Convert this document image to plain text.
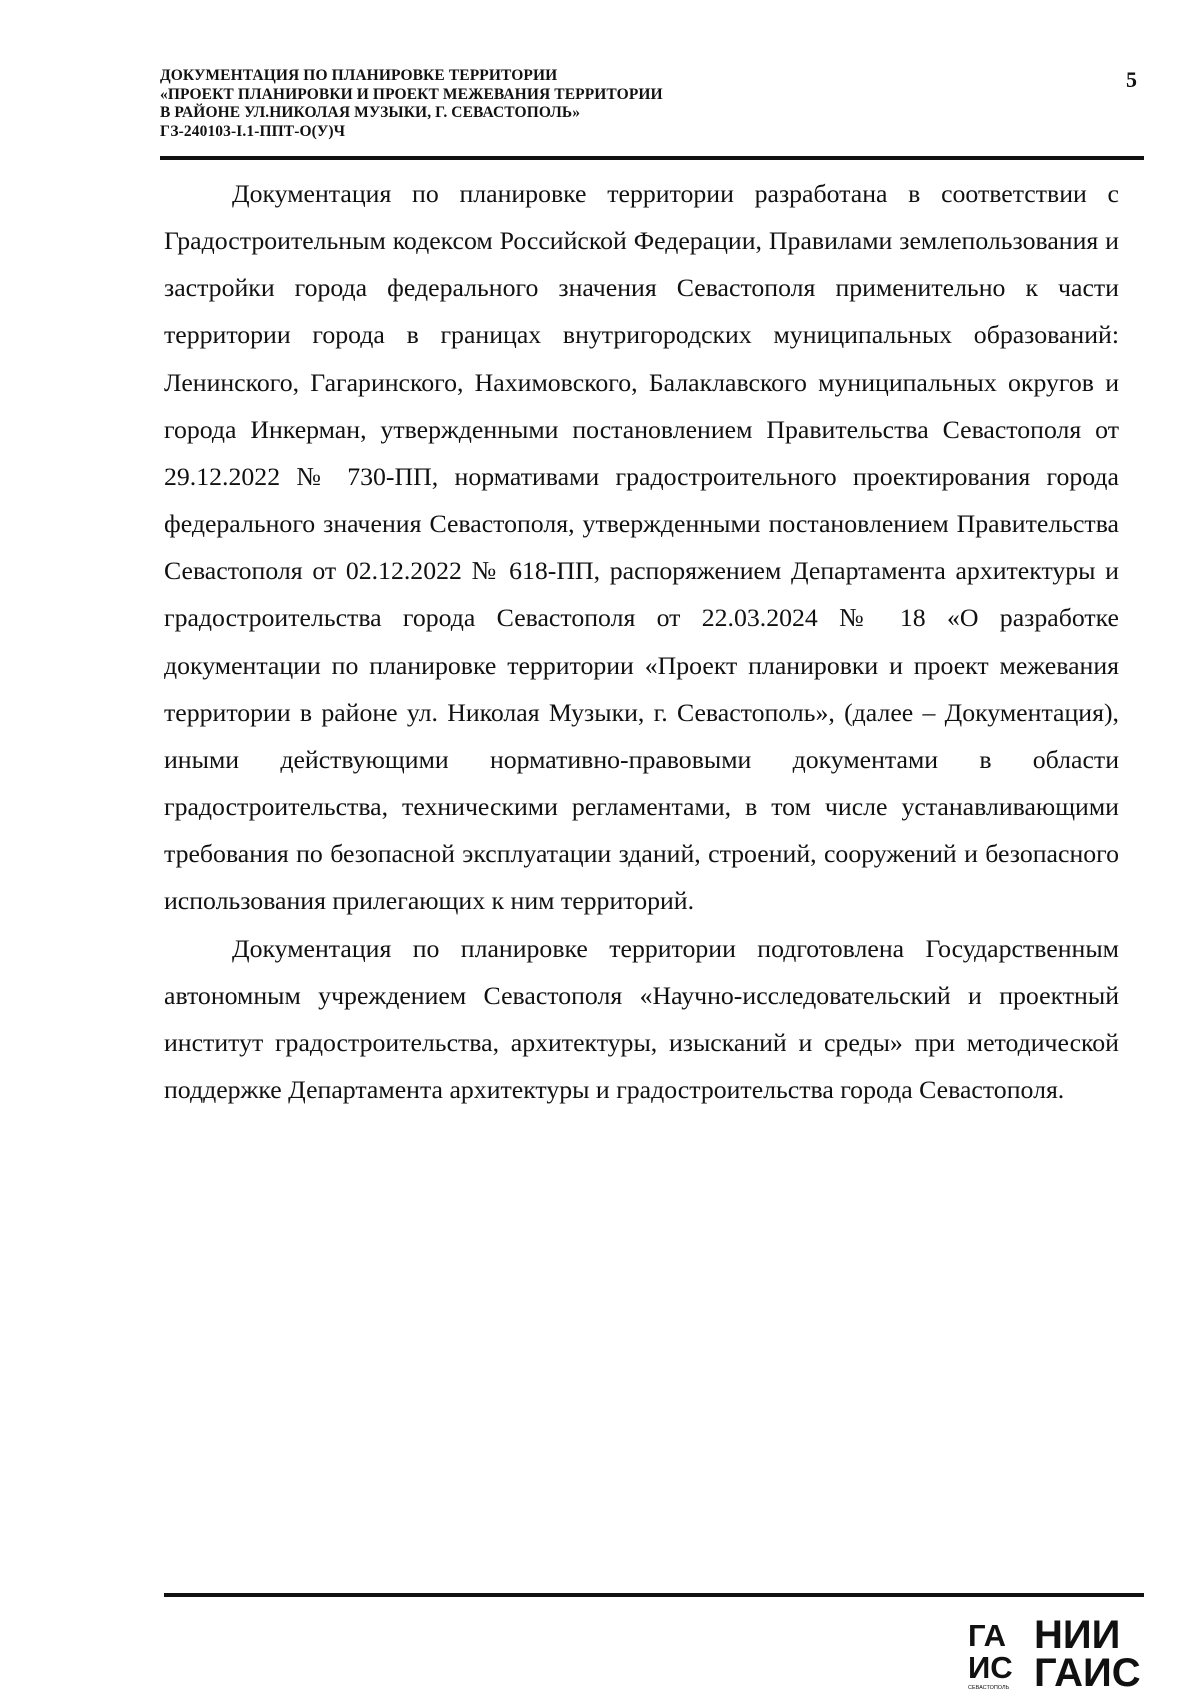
ДОКУМЕНТАЦИЯ ПО ПЛАНИРОВКЕ ТЕРРИТОРИИ
«ПРОЕКТ ПЛАНИРОВКИ И ПРОЕКТ МЕЖЕВАНИЯ ТЕРРИТОРИИ
В РАЙОНЕ УЛ.НИКОЛАЯ МУЗЫКИ, Г. СЕВАСТОПОЛЬ»
ГЗ-240103-I.1-ППТ-О(У)Ч
5

Документация по планировке территории разработана в соответствии с Градостроительным кодексом Российской Федерации, Правилами землепользования и застройки города федерального значения Севастополя применительно к части территории города в границах внутригородских муниципальных образований: Ленинского, Гагаринского, Нахимовского, Балаклавского муниципальных округов и города Инкерман, утвержденными постановлением Правительства Севастополя от 29.12.2022 № 730-ПП, нормативами градостроительного проектирования города федерального значения Севастополя, утвержденными постановлением Правительства Севастополя от 02.12.2022 № 618-ПП, распоряжением Департамента архитектуры и градостроительства города Севастополя от 22.03.2024 № 18 «О разработке документации по планировке территории «Проект планировки и проект межевания территории в районе ул. Николая Музыки, г. Севастополь», (далее – Документация), иными действующими нормативно-правовыми документами в области градостроительства, техническими регламентами, в том числе устанавливающими требования по безопасной эксплуатации зданий, строений, сооружений и безопасного использования прилегающих к ним территорий.

Документация по планировке территории подготовлена Государственным автономным учреждением Севастополя «Научно-исследовательский и проектный институт градостроительства, архитектуры, изысканий и среды» при методической поддержке Департамента архитектуры и градостроительства города Севастополя.

ГА
ИС
СЕВАСТОПОЛЬ
НИИ
ГАИС
